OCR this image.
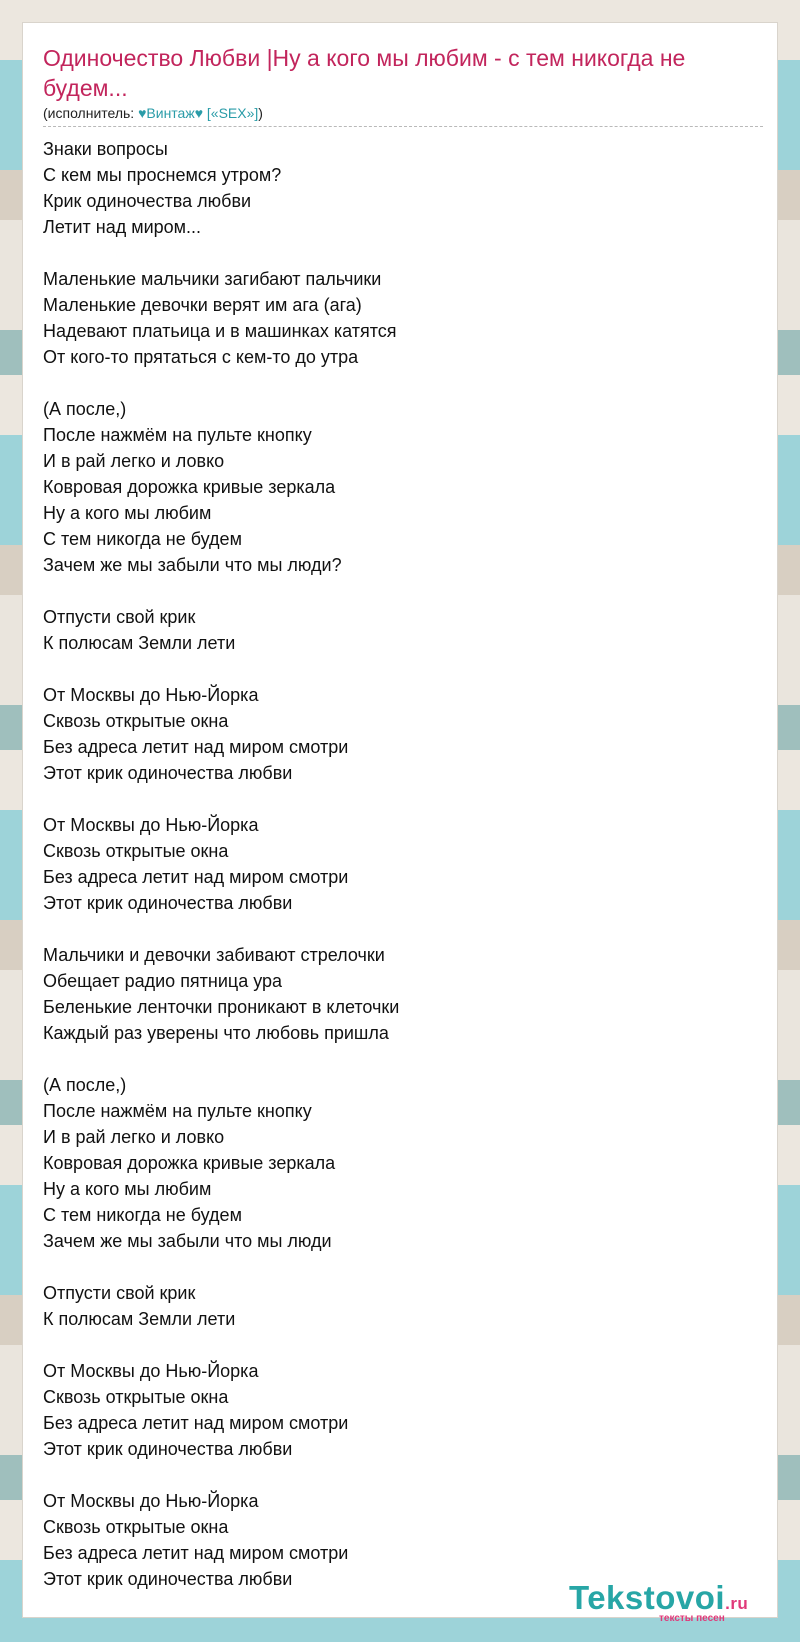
Одиночество Любви |Ну а кого мы любим - с тем никогда не будем...
(исполнитель: ♥Винтаж♥ [«SEX»])
Знаки вопросы
С кем мы проснемся утром?
Крик одиночества любви
Летит над миром...
Маленькие мальчики загибают пальчики
Маленькие девочки верят им ага (ага)
Надевают платьица и в машинках катятся
От кого-то прятаться с кем-то до утра
(А после,)
После нажмём на пульте кнопку
И в рай легко и ловко
Ковровая дорожка кривые зеркала
Ну а кого мы любим
С тем никогда не будем
Зачем же мы забыли что мы люди?
Отпусти свой крик
К полюсам Земли лети
От Москвы до Нью-Йорка
Сквозь открытые окна
Без адреса летит над миром смотри
Этот крик одиночества любви
От Москвы до Нью-Йорка
Сквозь открытые окна
Без адреса летит над миром смотри
Этот крик одиночества любви
Мальчики и девочки забивают стрелочки
Обещает радио пятница ура
Беленькие ленточки проникают в клеточки
Каждый раз уверены что любовь пришла
(А после,)
После нажмём на пульте кнопку
И в рай легко и ловко
Ковровая дорожка кривые зеркала
Ну а кого мы любим
С тем никогда не будем
Зачем же мы забыли что мы люди
Отпусти свой крик
К полюсам Земли лети
От Москвы до Нью-Йорка
Сквозь открытые окна
Без адреса летит над миром смотри
Этот крик одиночества любви
От Москвы до Нью-Йорка
Сквозь открытые окна
Без адреса летит над миром смотри
Этот крик одиночества любви	Tekstovoi.ru
тексты песен
